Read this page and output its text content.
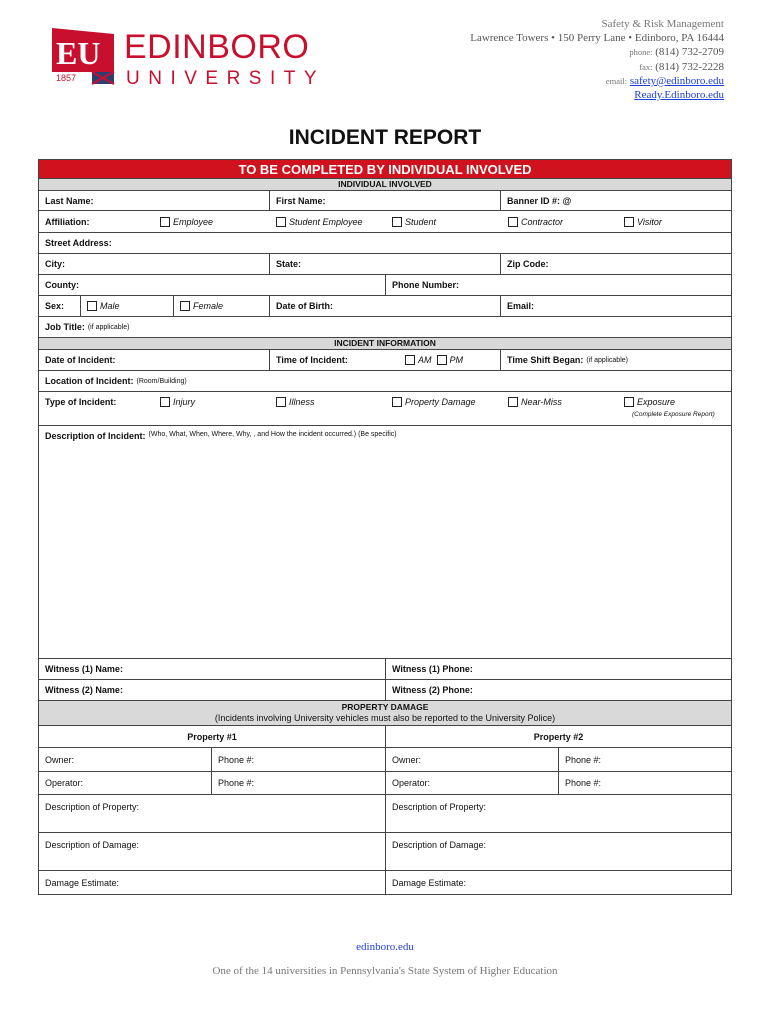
1857
EU EDINBORO
UNIVERSITY
Safety & Risk Management
Lawrence Towers • 150 Perry Lane • Edinboro, PA 16444
phone: (814) 732-2709
fax: (814) 732-2228
email: safety@edinboro.edu
Ready.Edinboro.edu
INCIDENT REPORT
TO BE COMPLETED BY INDIVIDUAL INVOLVED
INDIVIDUAL INVOLVED
Last Name:	First Name:	Banner ID #: @
Affiliation:	Employee	Student Employee	Student	Contractor	Visitor
Street Address:
City:	State:	Zip Code:
County:	Phone Number:
Sex:	Male	Female	Date of Birth:	Email:
Job Title: (if applicable)
INCIDENT INFORMATION
Date of Incident:	Time of Incident:	AM PM	Time Shift Began: (if applicable)
Location of Incident: (Room/Building)
Type of Incident:	Injury	Illness	Property Damage	Near-Miss	Exposure
(Complete Exposure Report)
Description of Incident: (Who, What, When, Where, Why, , and How the incident occurred.) (Be specific)
Witness (1) Name:	Witness (1) Phone:
Witness (2) Name:	Witness (2) Phone:
PROPERTY DAMAGE
(Incidents involving University vehicles must also be reported to the University Police)
Property #1	Property #2
Owner:	Phone #:	Owner:	Phone #:
Operator:	Phone #:	Operator:	Phone #:
Description of Property:	Description of Property:
Description of Damage:	Description of Damage:
Damage Estimate:	Damage Estimate:
edinboro.edu
One of the 14 universities in Pennsylvania's State System of Higher Education
